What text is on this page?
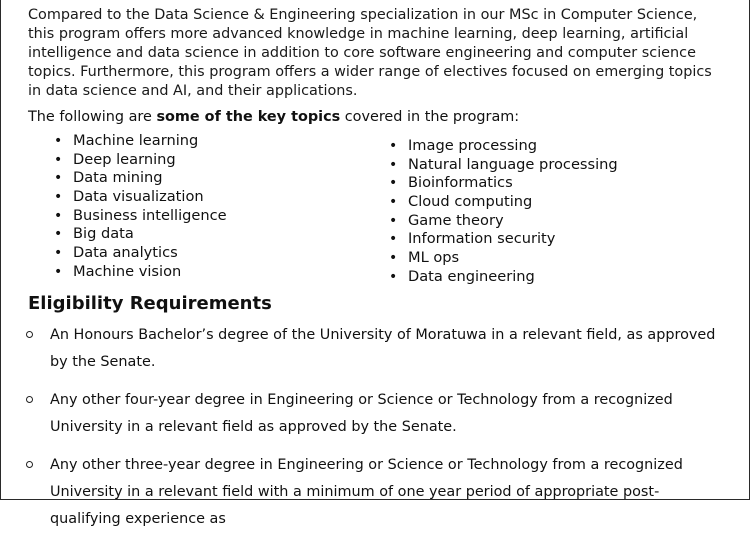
Compared to the Data Science & Engineering specialization in our MSc in Computer Science, this program offers more advanced knowledge in machine learning, deep learning, artificial intelligence and data science in addition to core software engineering and computer science topics. Furthermore, this program offers a wider range of electives focused on emerging topics in data science and AI, and their applications.

The following are some of the key topics covered in the program:

• Machine learning
• Deep learning
• Data mining
• Data visualization
• Business intelligence
• Big data
• Data analytics
• Machine vision
• Image processing
• Natural language processing
• Bioinformatics
• Cloud computing
• Game theory
• Information security
• ML ops
• Data engineering
Eligibility Requirements
An Honours Bachelor’s degree of the University of Moratuwa in a relevant field, as approved by the Senate.
Any other four-year degree in Engineering or Science or Technology from a recognized University in a relevant field as approved by the Senate.
Any other three-year degree in Engineering or Science or Technology from a recognized University in a relevant field with a minimum of one year period of appropriate post-qualifying experience as
